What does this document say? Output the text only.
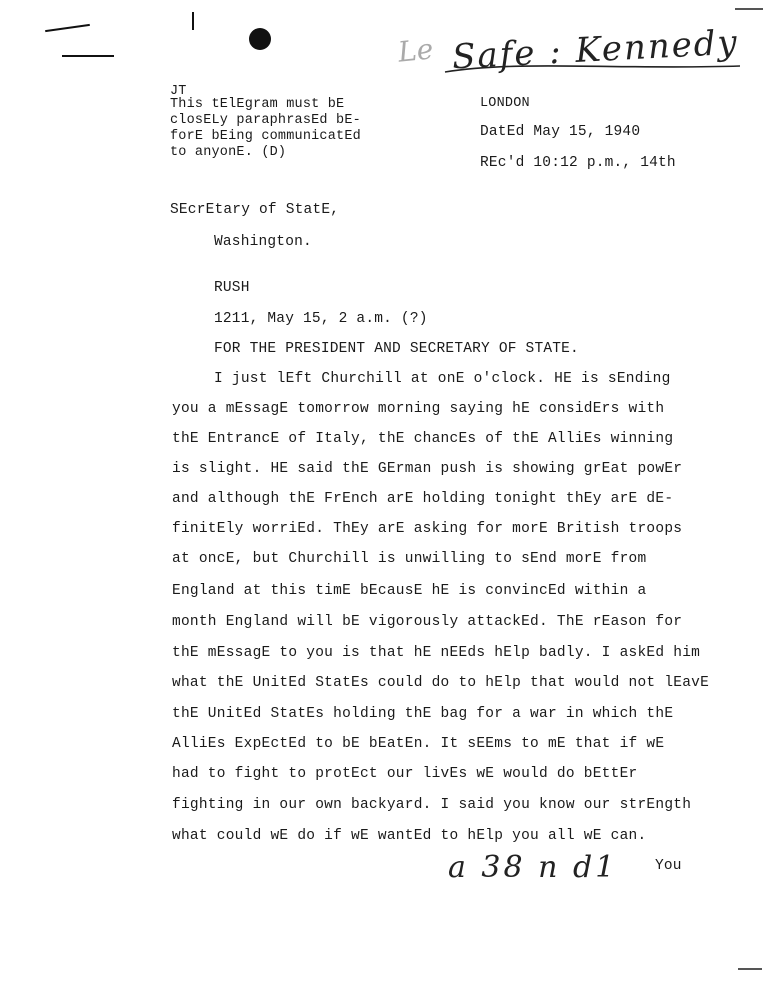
Le Safe : Kennedy
JT
This tElEgram must bE
closELy paraphrasEd bE-
forE bEing communicatEd
to anyonE. (D)
LONDON
DatEd May 15, 1940
REc'd 10:12 p.m., 14th
SEcrEtary of StatE,
Washington.
RUSH
1211, May 15, 2 a.m. (?)
FOR THE PRESIDENT AND SECRETARY OF STATE.
I just lEft Churchill at onE o'clock. HE is sEnding
you a mEssagE tomorrow morning saying hE considErs with
thE EntrancE of Italy, thE chancEs of thE AlliEs winning
is slight. HE said thE GErman push is showing grEat powEr
and although thE FrEnch arE holding tonight thEy arE dE-
finitEly worriEd. ThEy arE asking for morE British troops
at oncE, but Churchill is unwilling to sEnd morE from
England at this timE bEcausE hE is convincEd within a
month England will bE vigorously attackEd. ThE rEason for
thE mEssagE to you is that hE nEEds hElp badly. I askEd him
what thE UnitEd StatEs could do to hElp that would not lEavE
thE UnitEd StatEs holding thE bag for a war in which thE
AlliEs ExpEctEd to bE bEatEn. It sEEms to mE that if wE
had to fight to protEct our livEs wE would do bEttEr
fighting in our own backyard. I said you know our strEngth
what could wE do if wE wantEd to hElp you all wE can.
a 38 n d1	You
